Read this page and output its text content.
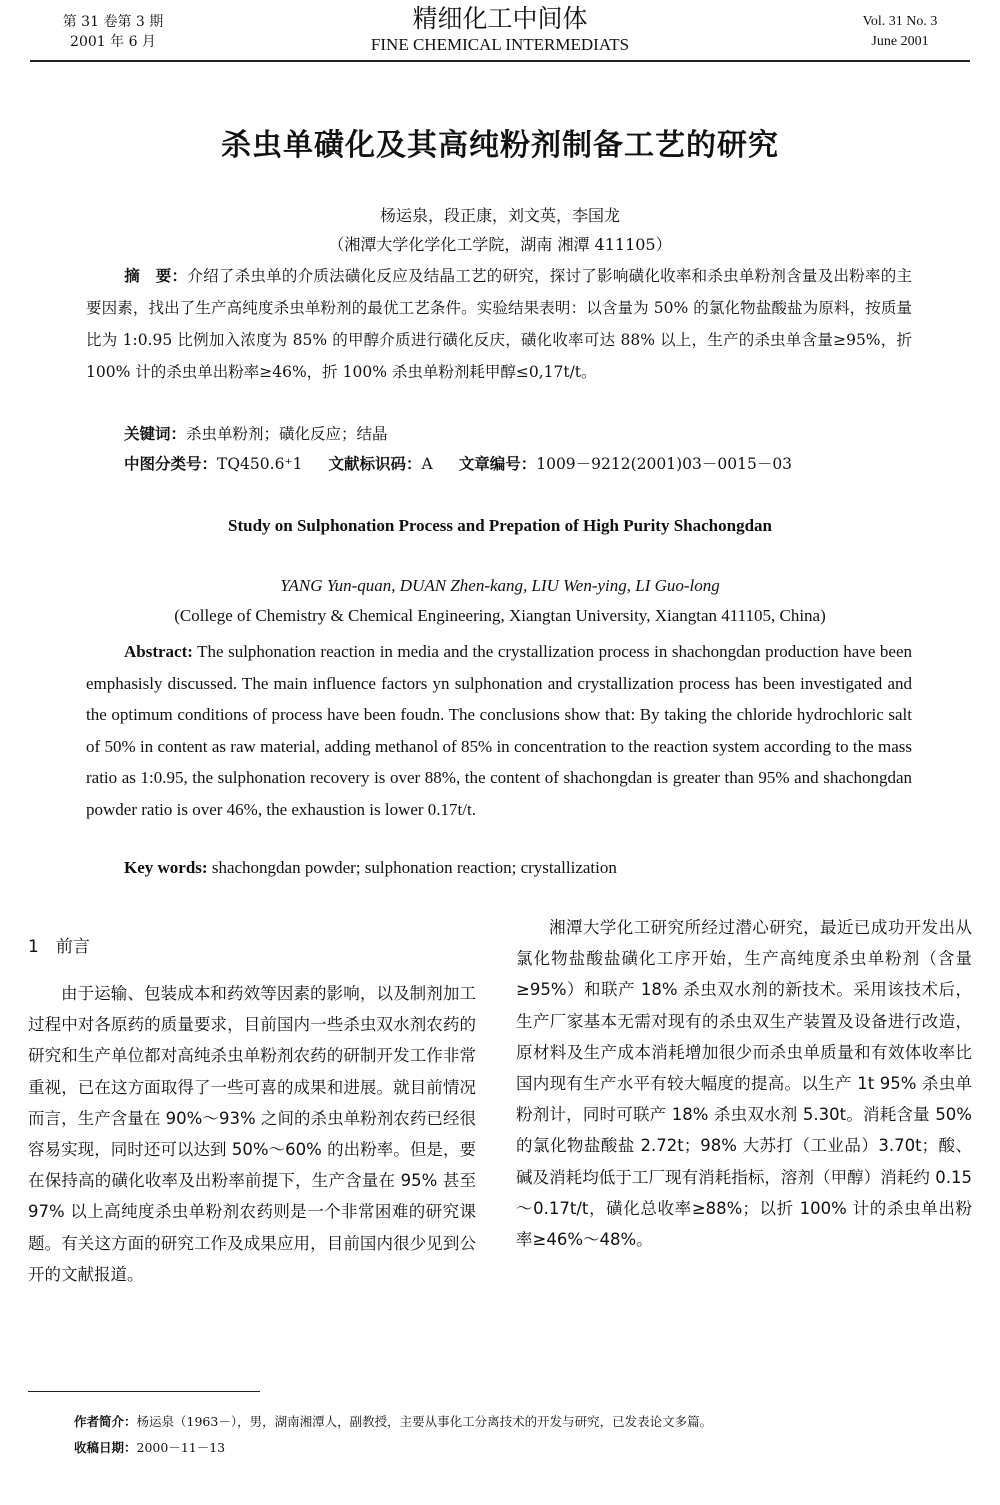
第 31 卷第 3 期
2001 年 6 月
精细化工中间体
FINE CHEMICAL INTERMEDIATS
Vol. 31 No. 3
June 2001
杀虫单磺化及其高纯粉剂制备工艺的研究
杨运泉，段正康，刘文英，李国龙
（湘潭大学化学化工学院，湖南 湘潭 411105）
摘　要：介绍了杀虫单的介质法磺化反应及结晶工艺的研究，探讨了影响磺化收率和杀虫单粉剂含量及出粉率的主要因素，找出了生产高纯度杀虫单粉剂的最优工艺条件。实验结果表明：以含量为 50% 的氯化物盐酸盐为原料，按质量比为 1:0.95 比例加入浓度为 85% 的甲醇介质进行磺化反庆，磺化收率可达 88% 以上，生产的杀虫单含量≥95%，折 100% 计的杀虫单出粉率≥46%，折 100% 杀虫单粉剂耗甲醇≤0,17t/t。
关键词：杀虫单粉剂；磺化反应；结晶
中图分类号：TQ450.6⁺1 文献标识码：A 文章编号：1009－9212(2001)03－0015－03
Study on Sulphonation Process and Prepation of High Purity Shachongdan
YANG Yun-quan, DUAN Zhen-kang, LIU Wen-ying, LI Guo-long
(College of Chemistry & Chemical Engineering, Xiangtan University, Xiangtan 411105, China)
Abstract: The sulphonation reaction in media and the crystallization process in shachongdan production have been emphasisly discussed. The main influence factors yn sulphonation and crystallization process has been investigated and the optimum conditions of process have been foudn. The conclusions show that: By taking the chloride hydrochloric salt of 50% in content as raw material, adding methanol of 85% in concentration to the reaction system according to the mass ratio as 1:0.95, the sulphonation recovery is over 88%, the content of shachongdan is greater than 95% and shachongdan powder ratio is over 46%, the exhaustion is lower 0.17t/t.
Key words: shachongdan powder; sulphonation reaction; crystallization
1　前言

由于运输、包装成本和药效等因素的影响，以及制剂加工过程中对各原药的质量要求，目前国内一些杀虫双水剂农药的研究和生产单位都对高纯杀虫单粉剂农药的研制开发工作非常重视，已在这方面取得了一些可喜的成果和进展。就目前情况而言，生产含量在 90%～93% 之间的杀虫单粉剂农药已经很容易实现，同时还可以达到 50%～60% 的出粉率。但是，要在保持高的磺化收率及出粉率前提下，生产含量在 95% 甚至 97% 以上高纯度杀虫单粉剂农药则是一个非常困难的研究课题。有关这方面的研究工作及成果应用，目前国内很少见到公开的文献报道。

湘潭大学化工研究所经过潜心研究，最近已成功开发出从氯化物盐酸盐磺化工序开始，生产高纯度杀虫单粉剂（含量≥95%）和联产 18% 杀虫双水剂的新技术。采用该技术后，生产厂家基本无需对现有的杀虫双生产装置及设备进行改造，原材料及生产成本消耗增加很少而杀虫单质量和有效体收率比国内现有生产水平有较大幅度的提高。以生产 1t 95% 杀虫单粉剂计，同时可联产 18% 杀虫双水剂 5.30t。消耗含量 50% 的氯化物盐酸盐 2.72t；98% 大苏打（工业品）3.70t；酸、碱及消耗均低于工厂现有消耗指标，溶剂（甲醇）消耗约 0.15～0.17t/t，磺化总收率≥88%；以折 100% 计的杀虫单出粉率≥46%～48%。

作者简介：杨运泉（1963－），男，湖南湘潭人，副教授，主要从事化工分离技术的开发与研究，已发表论文多篇。
收稿日期：2000－11－13
